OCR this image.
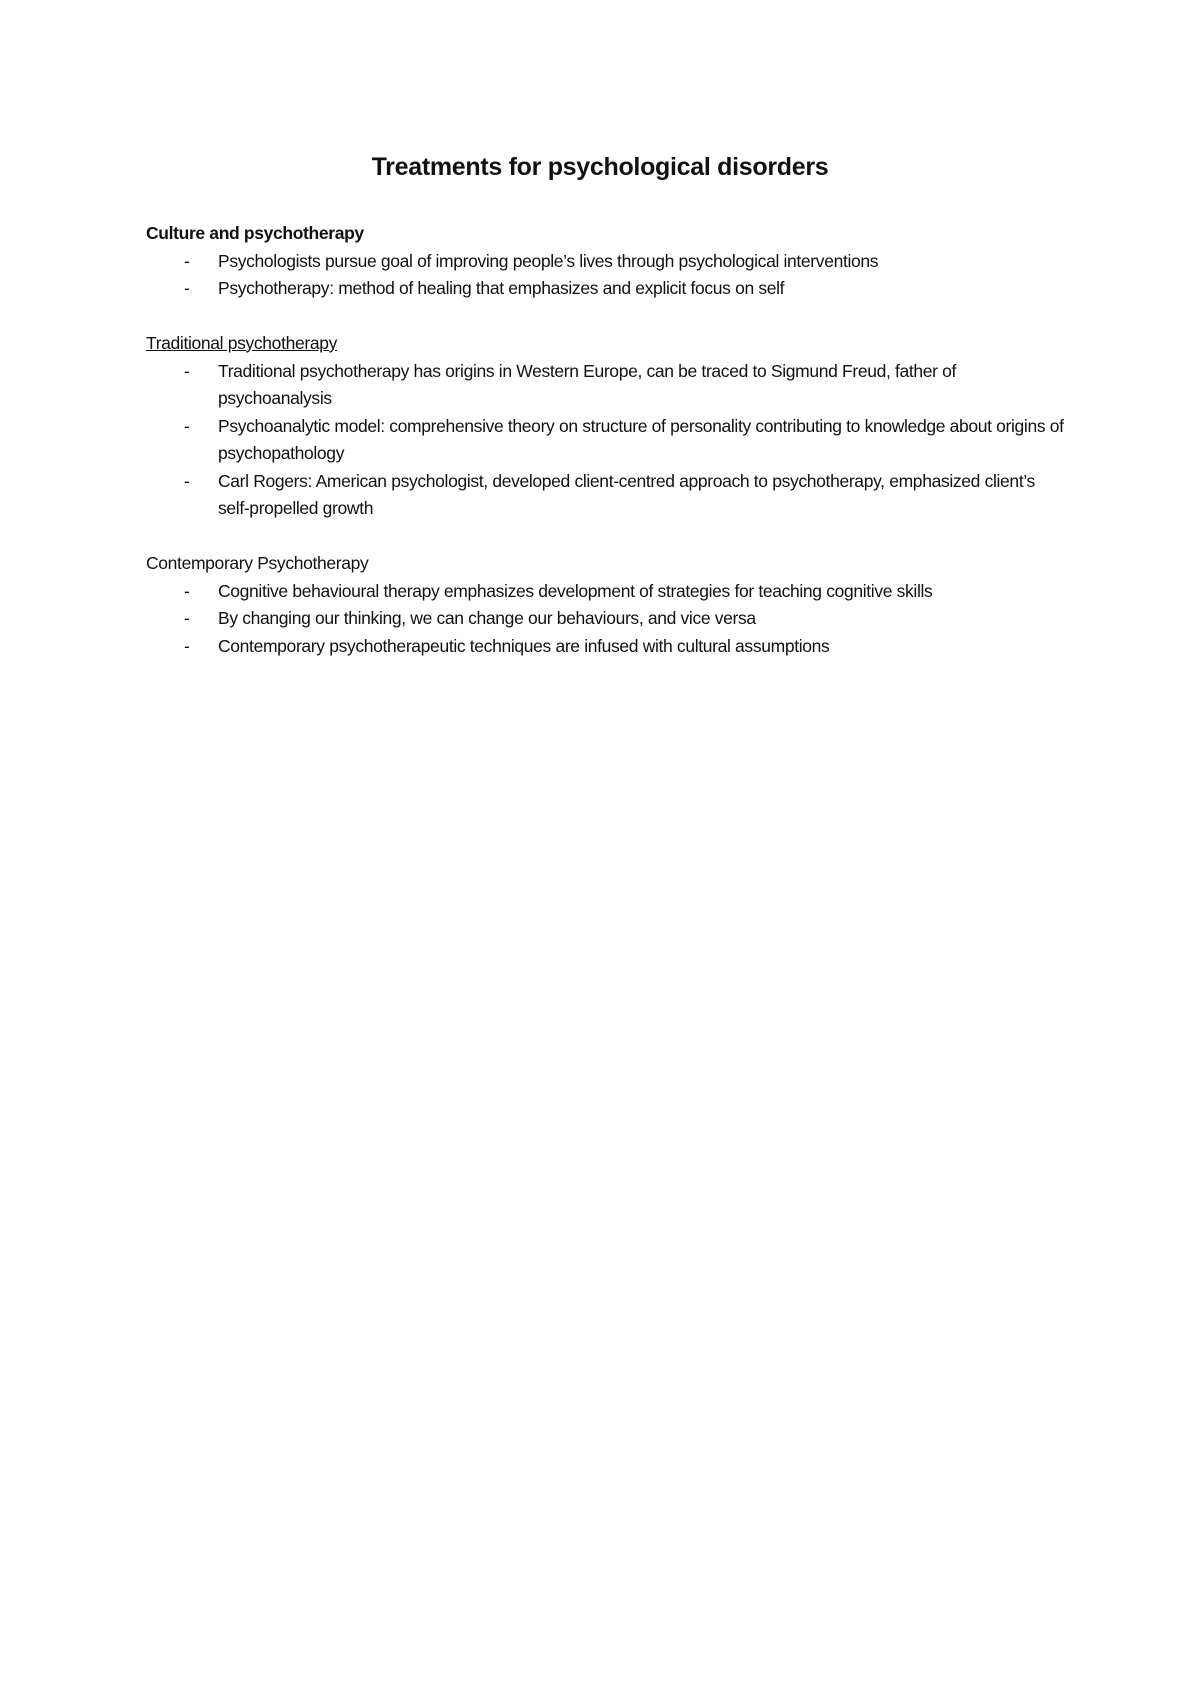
Treatments for psychological disorders

Culture and psychotherapy

- Psychologists pursue goal of improving people’s lives through psychological interventions
- Psychotherapy: method of healing that emphasizes and explicit focus on self

Traditional psychotherapy

- Traditional psychotherapy has origins in Western Europe, can be traced to Sigmund Freud, father of psychoanalysis
- Psychoanalytic model: comprehensive theory on structure of personality contributing to knowledge about origins of psychopathology
- Carl Rogers: American psychologist, developed client-centred approach to psychotherapy, emphasized client’s self-propelled growth

Contemporary Psychotherapy

- Cognitive behavioural therapy emphasizes development of strategies for teaching cognitive skills
- By changing our thinking, we can change our behaviours, and vice versa
- Contemporary psychotherapeutic techniques are infused with cultural assumptions
